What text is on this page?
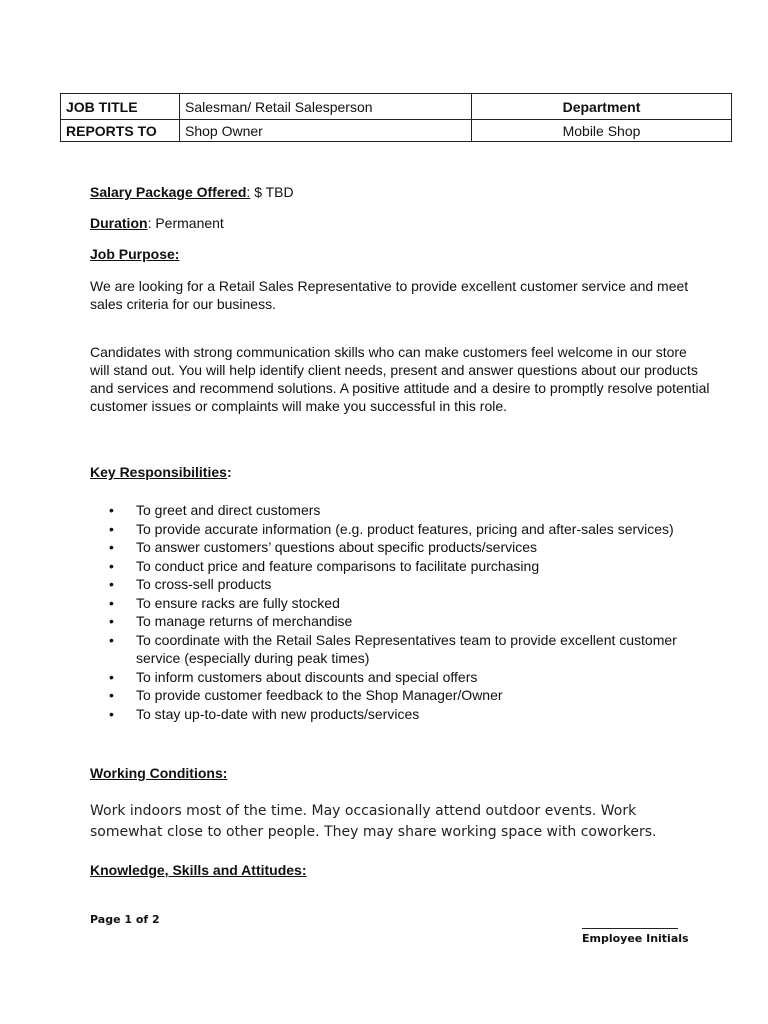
JOB TITLE	Salesman/ Retail Salesperson	Department
REPORTS TO	Shop Owner	Mobile Shop
Salary Package Offered: $ TBD
Duration: Permanent
Job Purpose:
We are looking for a Retail Sales Representative to provide excellent customer service and meet sales criteria for our business.
Candidates with strong communication skills who can make customers feel welcome in our store will stand out. You will help identify client needs, present and answer questions about our products and services and recommend solutions. A positive attitude and a desire to promptly resolve potential customer issues or complaints will make you successful in this role.
Key Responsibilities:
• To greet and direct customers
• To provide accurate information (e.g. product features, pricing and after-sales services)
• To answer customers’ questions about specific products/services
• To conduct price and feature comparisons to facilitate purchasing
• To cross-sell products
• To ensure racks are fully stocked
• To manage returns of merchandise
• To coordinate with the Retail Sales Representatives team to provide excellent customer service (especially during peak times)
• To inform customers about discounts and special offers
• To provide customer feedback to the Shop Manager/Owner
• To stay up-to-date with new products/services
Working Conditions:
Work indoors most of the time. May occasionally attend outdoor events. Work somewhat close to other people. They may share working space with coworkers.
Knowledge, Skills and Attitudes:
Page 1 of 2
Employee Initials
